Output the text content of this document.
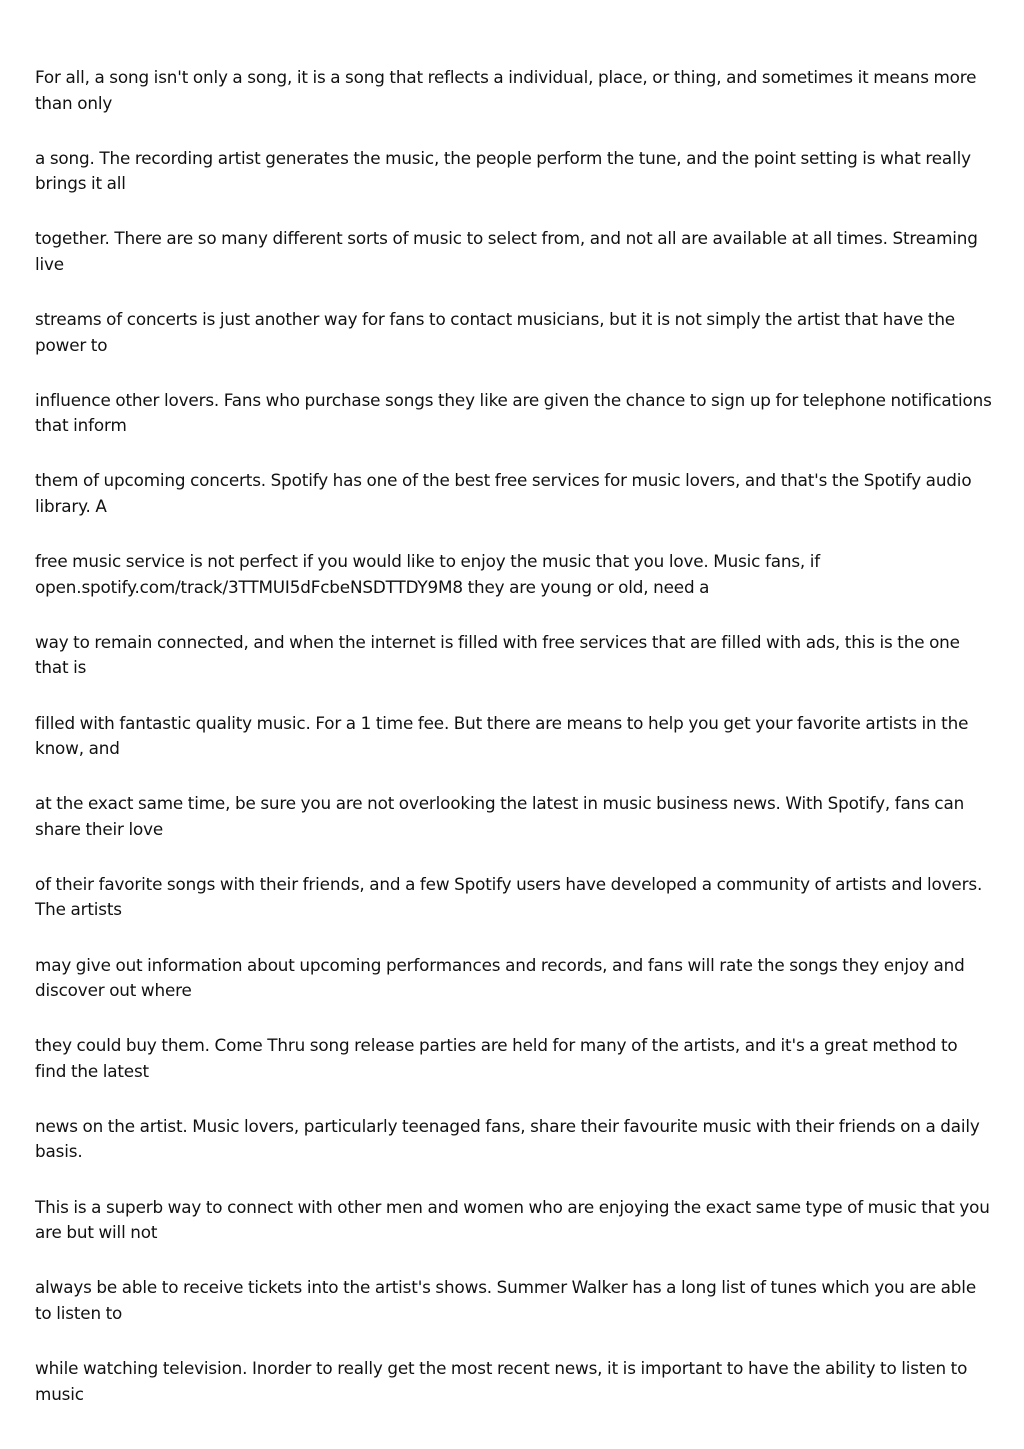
For all, a song isn't only a song, it is a song that reflects a individual, place, or thing, and sometimes it means more than only

a song. The recording artist generates the music, the people perform the tune, and the point setting is what really brings it all

together. There are so many different sorts of music to select from, and not all are available at all times. Streaming live

streams of concerts is just another way for fans to contact musicians, but it is not simply the artist that have the power to

influence other lovers. Fans who purchase songs they like are given the chance to sign up for telephone notifications that inform

them of upcoming concerts. Spotify has one of the best free services for music lovers, and that's the Spotify audio library. A

free music service is not perfect if you would like to enjoy the music that you love. Music fans, if open.spotify.com/track/3TTMUI5dFcbeNSDTTDY9M8 they are young or old, need a

way to remain connected, and when the internet is filled with free services that are filled with ads, this is the one that is

filled with fantastic quality music. For a 1 time fee. But there are means to help you get your favorite artists in the know, and

at the exact same time, be sure you are not overlooking the latest in music business news. With Spotify, fans can share their love

of their favorite songs with their friends, and a few Spotify users have developed a community of artists and lovers. The artists

may give out information about upcoming performances and records, and fans will rate the songs they enjoy and discover out where

they could buy them. Come Thru song release parties are held for many of the artists, and it's a great method to find the latest

news on the artist. Music lovers, particularly teenaged fans, share their favourite music with their friends on a daily basis.

This is a superb way to connect with other men and women who are enjoying the exact same type of music that you are but will not

always be able to receive tickets into the artist's shows. Summer Walker has a long list of tunes which you are able to listen to

while watching television. Inorder to really get the most recent news, it is important to have the ability to listen to music
